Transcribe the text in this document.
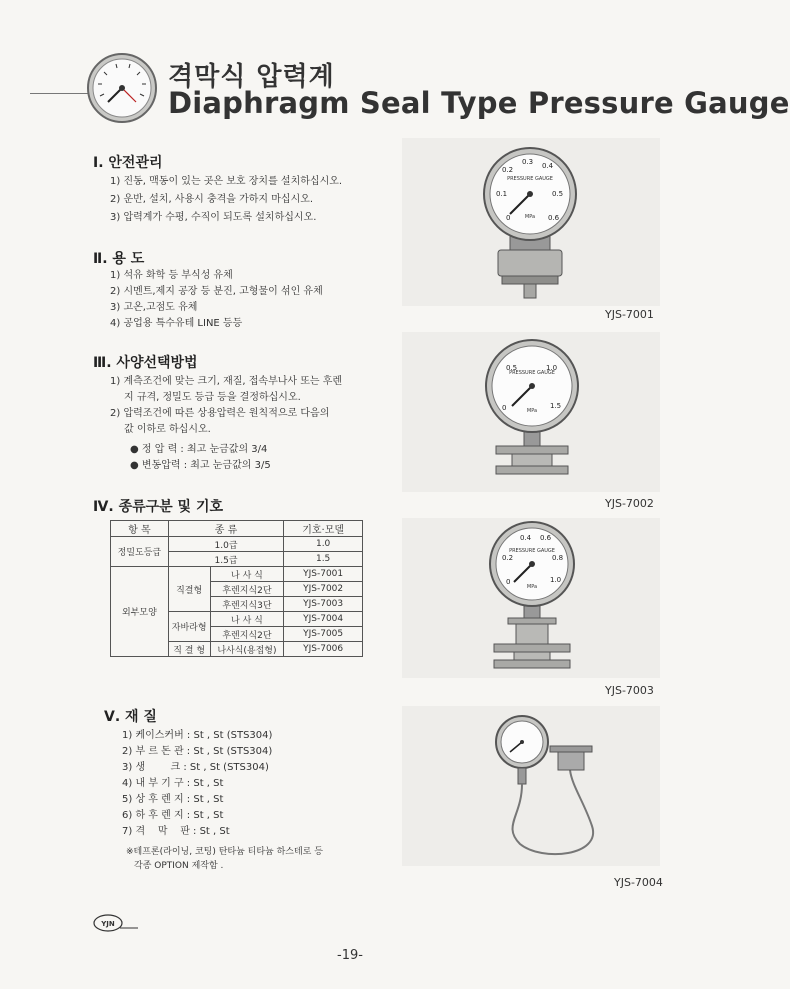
격막식 압력계
Diaphragm Seal Type Pressure Gauge
Ⅰ. 안전관리
1) 진동, 맥동이 있는 곳은 보호 장치를 설치하십시오.
2) 운반, 설치, 사용시 충격을 가하지 마십시오.
3) 압력계가 수평, 수직이 되도록 설치하십시오.
Ⅱ. 용 도
1) 석유 화학 등 부식성 유체
2) 시멘트,제지 공장 등 분진, 고형물이 섞인 유체
3) 고온,고점도 유체
4) 공업용 특수유테 LINE 등등
Ⅲ. 사양선택방법
1) 계측조건에 맞는 크기, 재질, 접속부나사 또는 후렌
지 규격, 정밀도 등급 등을 결정하십시오.
2) 압력조건에 따른 상용압력은 원칙적으로 다음의
값 이하로 하십시오.
● 정 압 력 : 최고 눈금값의 3/4
● 변동압력 : 최고 눈금값의 3/5
Ⅳ. 종류구분 및 기호
항 목	종 류		기호·모델
정밀도등급	1.0급		1.0
	1.5급		1.5
외부모양	직결형	나 사 식	YJS-7001
		후렌지식2단	YJS-7002
		후렌지식3단	YJS-7003
	자바라형	나 사 식	YJS-7004
		후렌지식2단	YJS-7005
	직 결 형	나사식(용접형)	YJS-7006
Ⅴ. 재 질
1) 케이스커버 : St , St (STS304)
2) 부 르 돈 관 : St , St (STS304)
3) 생        크 : St , St (STS304)
4) 내 부 기 구 : St , St
5) 상 후 렌 지 : St , St
6) 하 후 렌 지 : St , St
7) 격    막    판 : St , St
※테프론(라이닝, 코팅) 탄타늄 티타늄 하스테로 등
각종 OPTION 제작함 .
PRESSURE GAUGE
0.3 0.4
0.2
0.1	0.5
0.6
0	MPa
YJS-7001
PRESSURE GAUGE
0.5	1.0
0	1.5
MPa
YJS-7002
PRESSURE GAUGE
0.4 0.6
0.2	0.8
0	1.0
MPa
YJS-7003
YJS-7004
YJN
-19-
